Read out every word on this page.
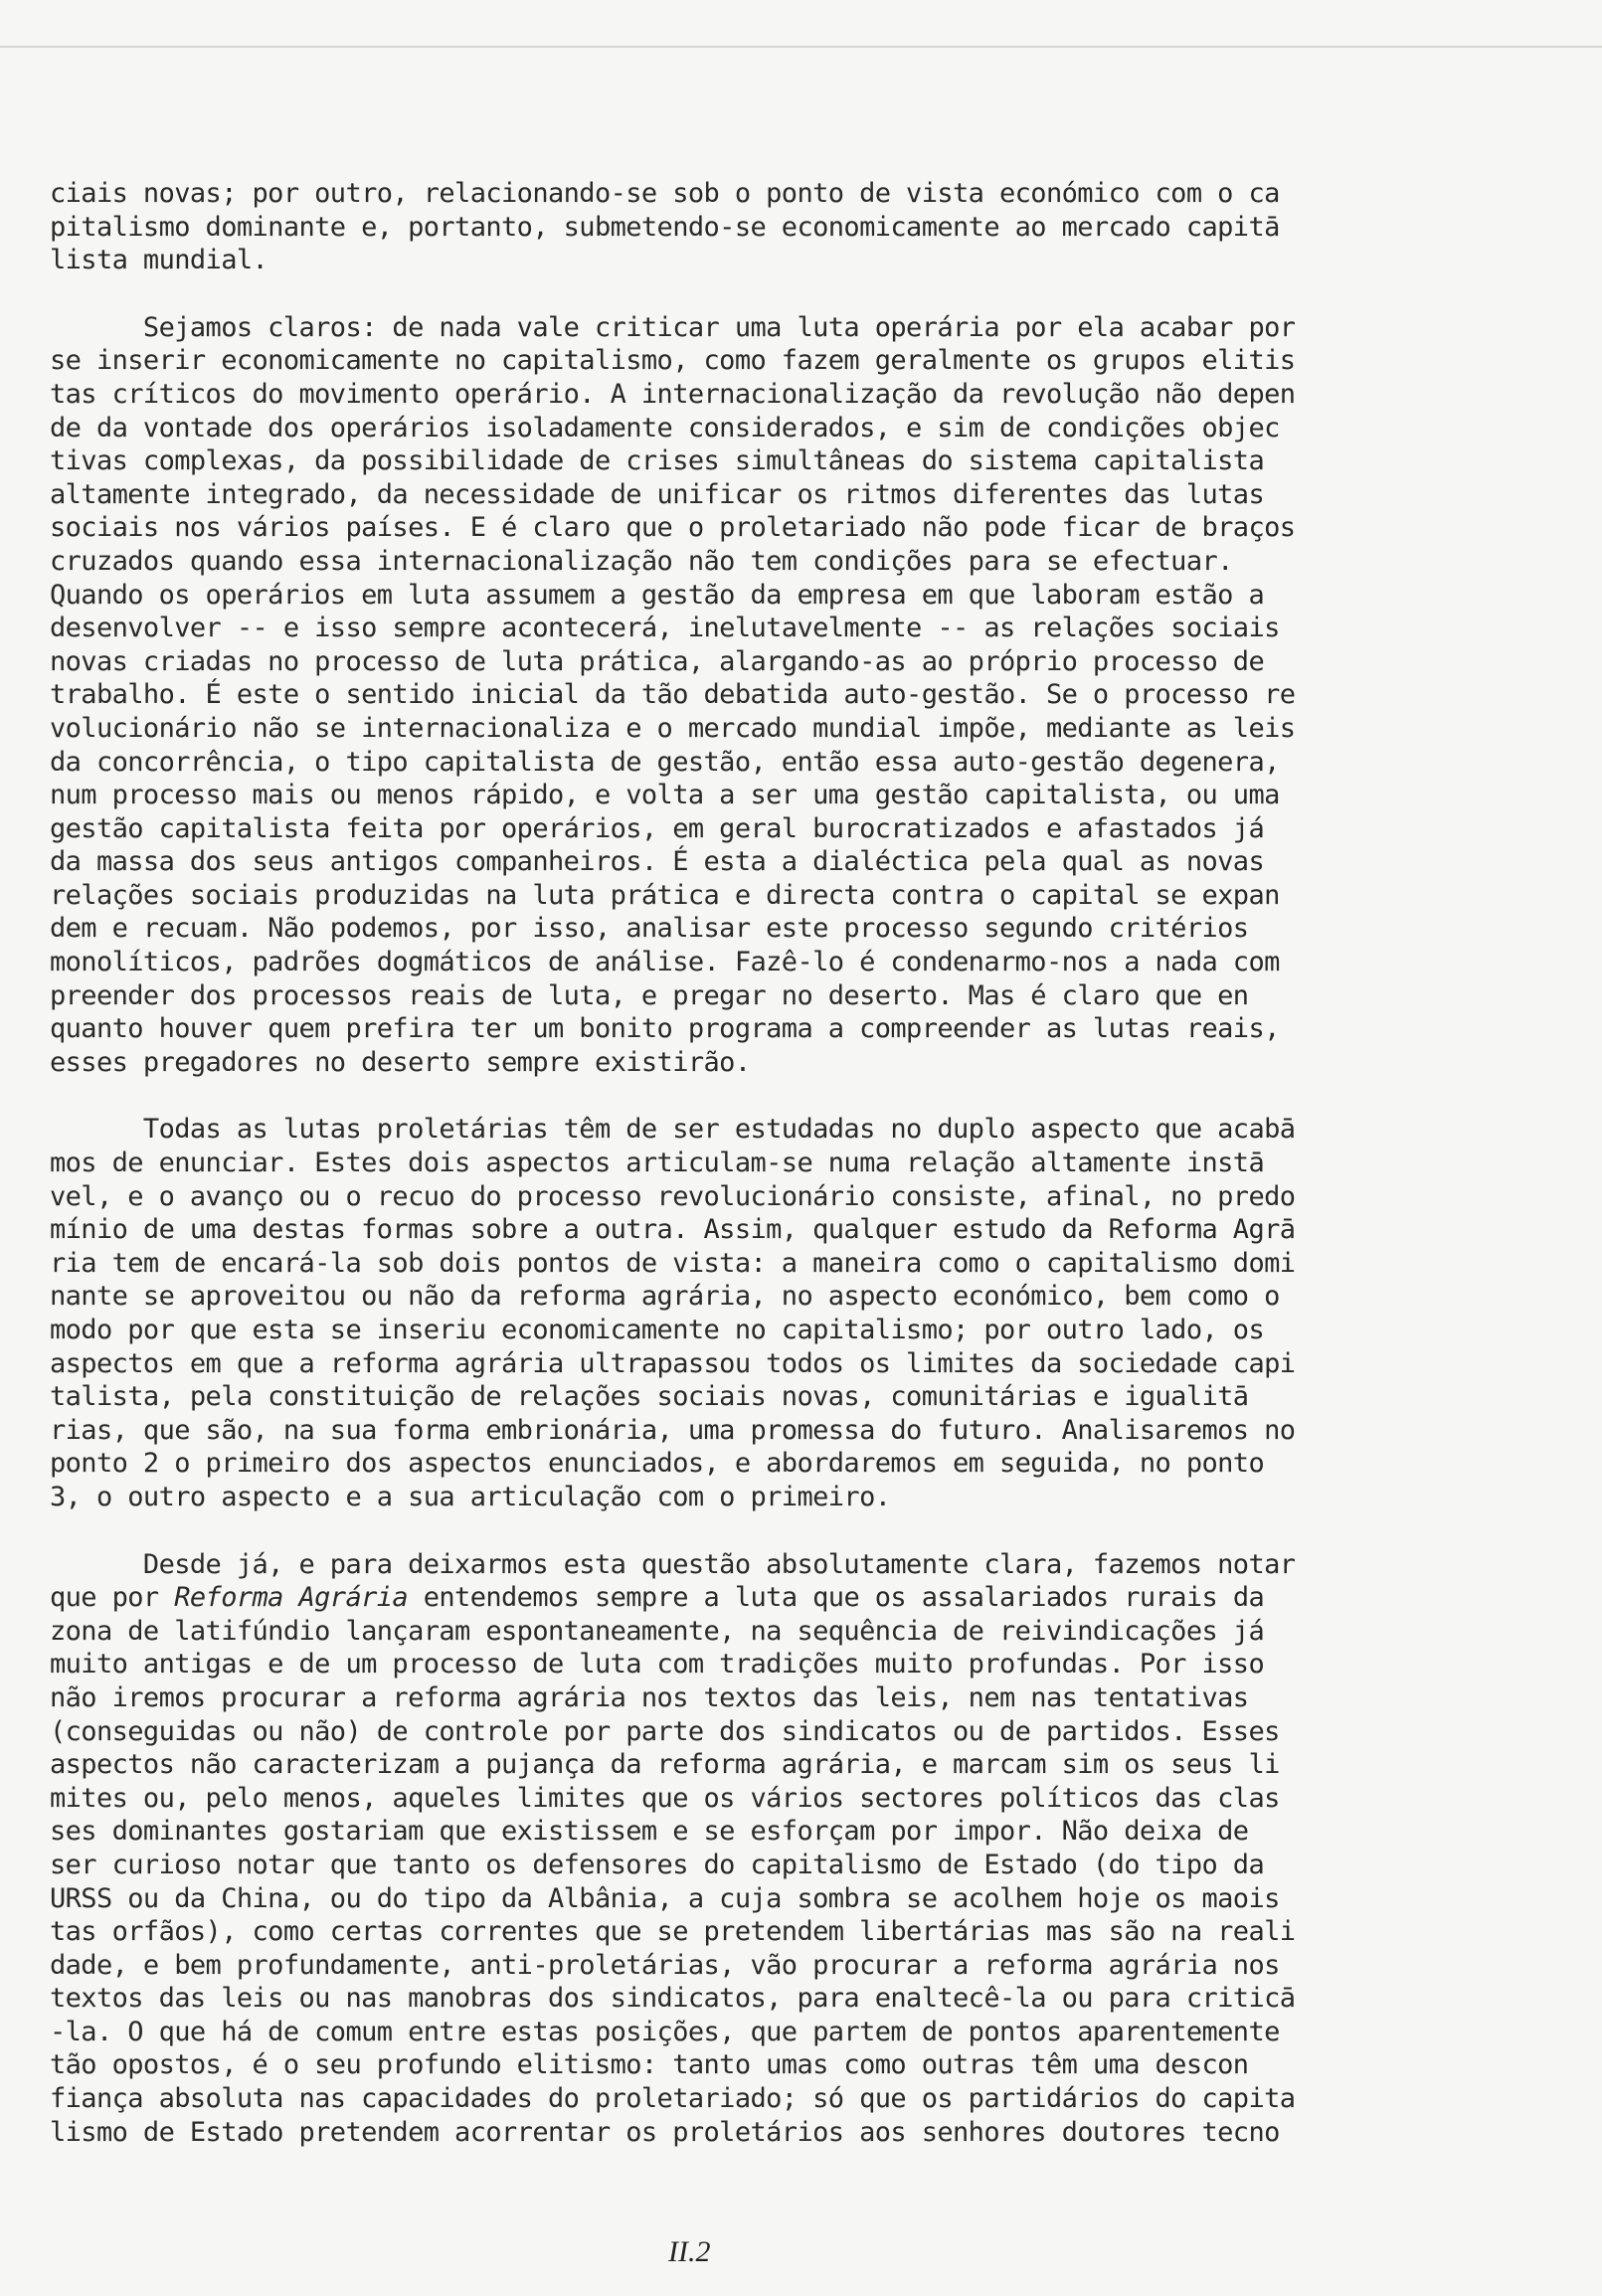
ciais novas; por outro, relacionando-se sob o ponto de vista económico com o ca
pitalismo dominante e, portanto, submetendo-se economicamente ao mercado capitā
lista mundial.

Sejamos claros: de nada vale criticar uma luta operária por ela acabar por
se inserir economicamente no capitalismo, como fazem geralmente os grupos elitis
tas críticos do movimento operário. A internacionalização da revolução não depen
de da vontade dos operários isoladamente considerados, e sim de condições objec
tivas complexas, da possibilidade de crises simultâneas do sistema capitalista
altamente integrado, da necessidade de unificar os ritmos diferentes das lutas
sociais nos vários países. E é claro que o proletariado não pode ficar de braços
cruzados quando essa internacionalização não tem condições para se efectuar.
Quando os operários em luta assumem a gestão da empresa em que laboram estão a
desenvolver -- e isso sempre acontecerá, inelutavelmente -- as relações sociais
novas criadas no processo de luta prática, alargando-as ao próprio processo de
trabalho. É este o sentido inicial da tão debatida auto-gestão. Se o processo re
volucionário não se internacionaliza e o mercado mundial impõe, mediante as leis
da concorrência, o tipo capitalista de gestão, então essa auto-gestão degenera,
num processo mais ou menos rápido, e volta a ser uma gestão capitalista, ou uma
gestão capitalista feita por operários, em geral burocratizados e afastados já
da massa dos seus antigos companheiros. É esta a dialéctica pela qual as novas
relações sociais produzidas na luta prática e directa contra o capital se expan
dem e recuam. Não podemos, por isso, analisar este processo segundo critérios
monolíticos, padrões dogmáticos de análise. Fazê-lo é condenarmo-nos a nada com
preender dos processos reais de luta, e pregar no deserto. Mas é claro que en
quanto houver quem prefira ter um bonito programa a compreender as lutas reais,
esses pregadores no deserto sempre existirão.

Todas as lutas proletárias têm de ser estudadas no duplo aspecto que acabā
mos de enunciar. Estes dois aspectos articulam-se numa relação altamente instā
vel, e o avanço ou o recuo do processo revolucionário consiste, afinal, no predo
mínio de uma destas formas sobre a outra. Assim, qualquer estudo da Reforma Agrā
ria tem de encará-la sob dois pontos de vista: a maneira como o capitalismo domi
nante se aproveitou ou não da reforma agrária, no aspecto económico, bem como o
modo por que esta se inseriu economicamente no capitalismo; por outro lado, os
aspectos em que a reforma agrária ultrapassou todos os limites da sociedade capi
talista, pela constituição de relações sociais novas, comunitárias e igualitā
rias, que são, na sua forma embrionária, uma promessa do futuro. Analisaremos no
ponto 2 o primeiro dos aspectos enunciados, e abordaremos em seguida, no ponto
3, o outro aspecto e a sua articulação com o primeiro.

Desde já, e para deixarmos esta questão absolutamente clara, fazemos notar
que por Reforma Agrária entendemos sempre a luta que os assalariados rurais da
zona de latifúndio lançaram espontaneamente, na sequência de reivindicações já
muito antigas e de um processo de luta com tradições muito profundas. Por isso
não iremos procurar a reforma agrária nos textos das leis, nem nas tentativas
(conseguidas ou não) de controle por parte dos sindicatos ou de partidos. Esses
aspectos não caracterizam a pujança da reforma agrária, e marcam sim os seus li
mites ou, pelo menos, aqueles limites que os vários sectores políticos das clas
ses dominantes gostariam que existissem e se esforçam por impor. Não deixa de
ser curioso notar que tanto os defensores do capitalismo de Estado (do tipo da
URSS ou da China, ou do tipo da Albânia, a cuja sombra se acolhem hoje os maois
tas orfãos), como certas correntes que se pretendem libertárias mas são na reali
dade, e bem profundamente, anti-proletárias, vão procurar a reforma agrária nos
textos das leis ou nas manobras dos sindicatos, para enaltecê-la ou para criticā
-la. O que há de comum entre estas posições, que partem de pontos aparentemente
tão opostos, é o seu profundo elitismo: tanto umas como outras têm uma descon
fiança absoluta nas capacidades do proletariado; só que os partidários do capita
lismo de Estado pretendem acorrentar os proletários aos senhores doutores tecno

II.2
